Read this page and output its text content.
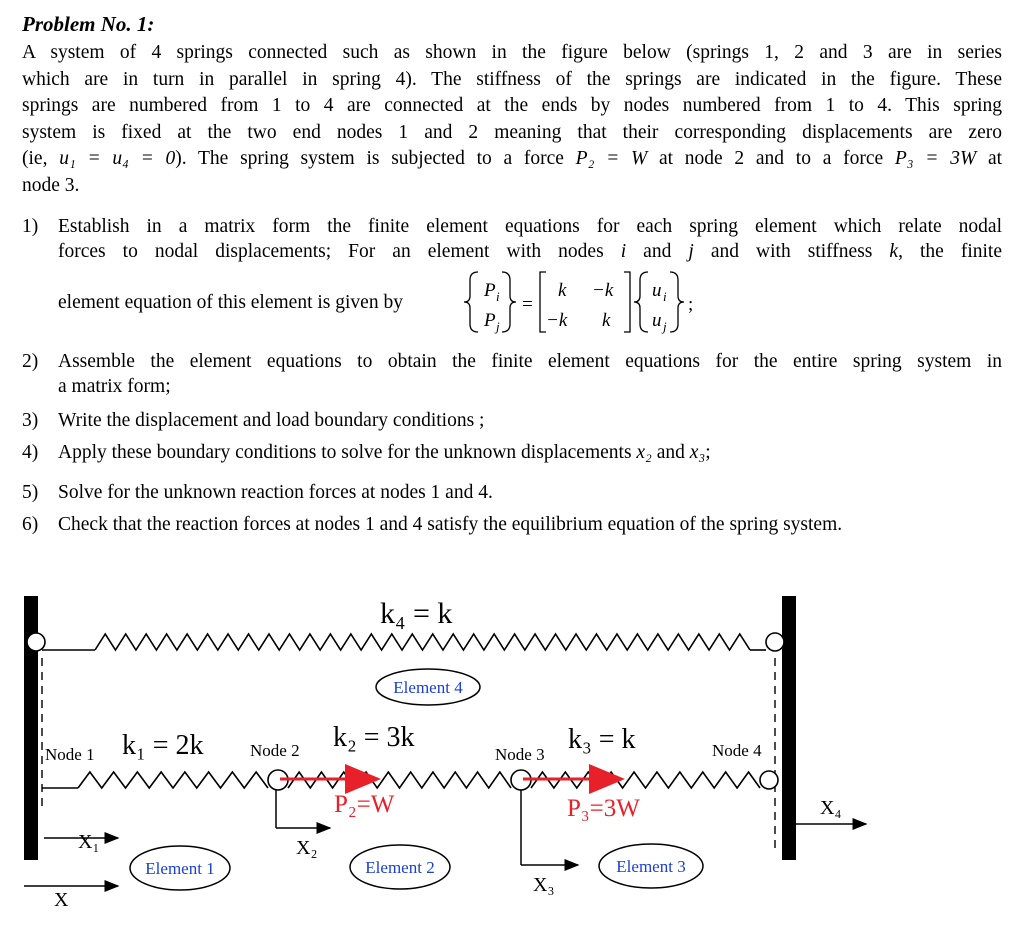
Problem No. 1:
A system of 4 springs connected such as shown in the figure below (springs 1, 2 and 3 are in series
which are in turn in parallel in spring 4). The stiffness of the springs are indicated in the figure. These
springs are numbered from 1 to 4 are connected at the ends by nodes numbered from 1 to 4. This spring
system is fixed at the two end nodes 1 and 2 meaning that their corresponding displacements are zero
(ie, u₁ = u₄ = 0). The spring system is subjected to a force P₂ = W at node 2 and to a force P₃ = 3W at
node 3.
1) Establish in a matrix form the finite element equations for each spring element which relate nodal
forces to nodal displacements; For an element with nodes i and j and with stiffness k, the finite
element equation of this element is given by
P i
P j
=
k −k
−k k
u i
u j
;
2) Assemble the element equations to obtain the finite element equations for the entire spring system in
a matrix form;
3) Write the displacement and load boundary conditions ;
4) Apply these boundary conditions to solve for the unknown displacements x₂ and x₃;
5) Solve for the unknown reaction forces at nodes 1 and 4.
6) Check that the reaction forces at nodes 1 and 4 satisfy the equilibrium equation of the spring system.
k₄ = k
Element 4
Node 1	Node 2	Node 3	Node 4
k₁ = 2k	k₂ = 3k	k₃ = k
P₂=W	P₃=3W
X₁	X₂
X₃
X₄
X
Element 1	Element 2	Element 3
